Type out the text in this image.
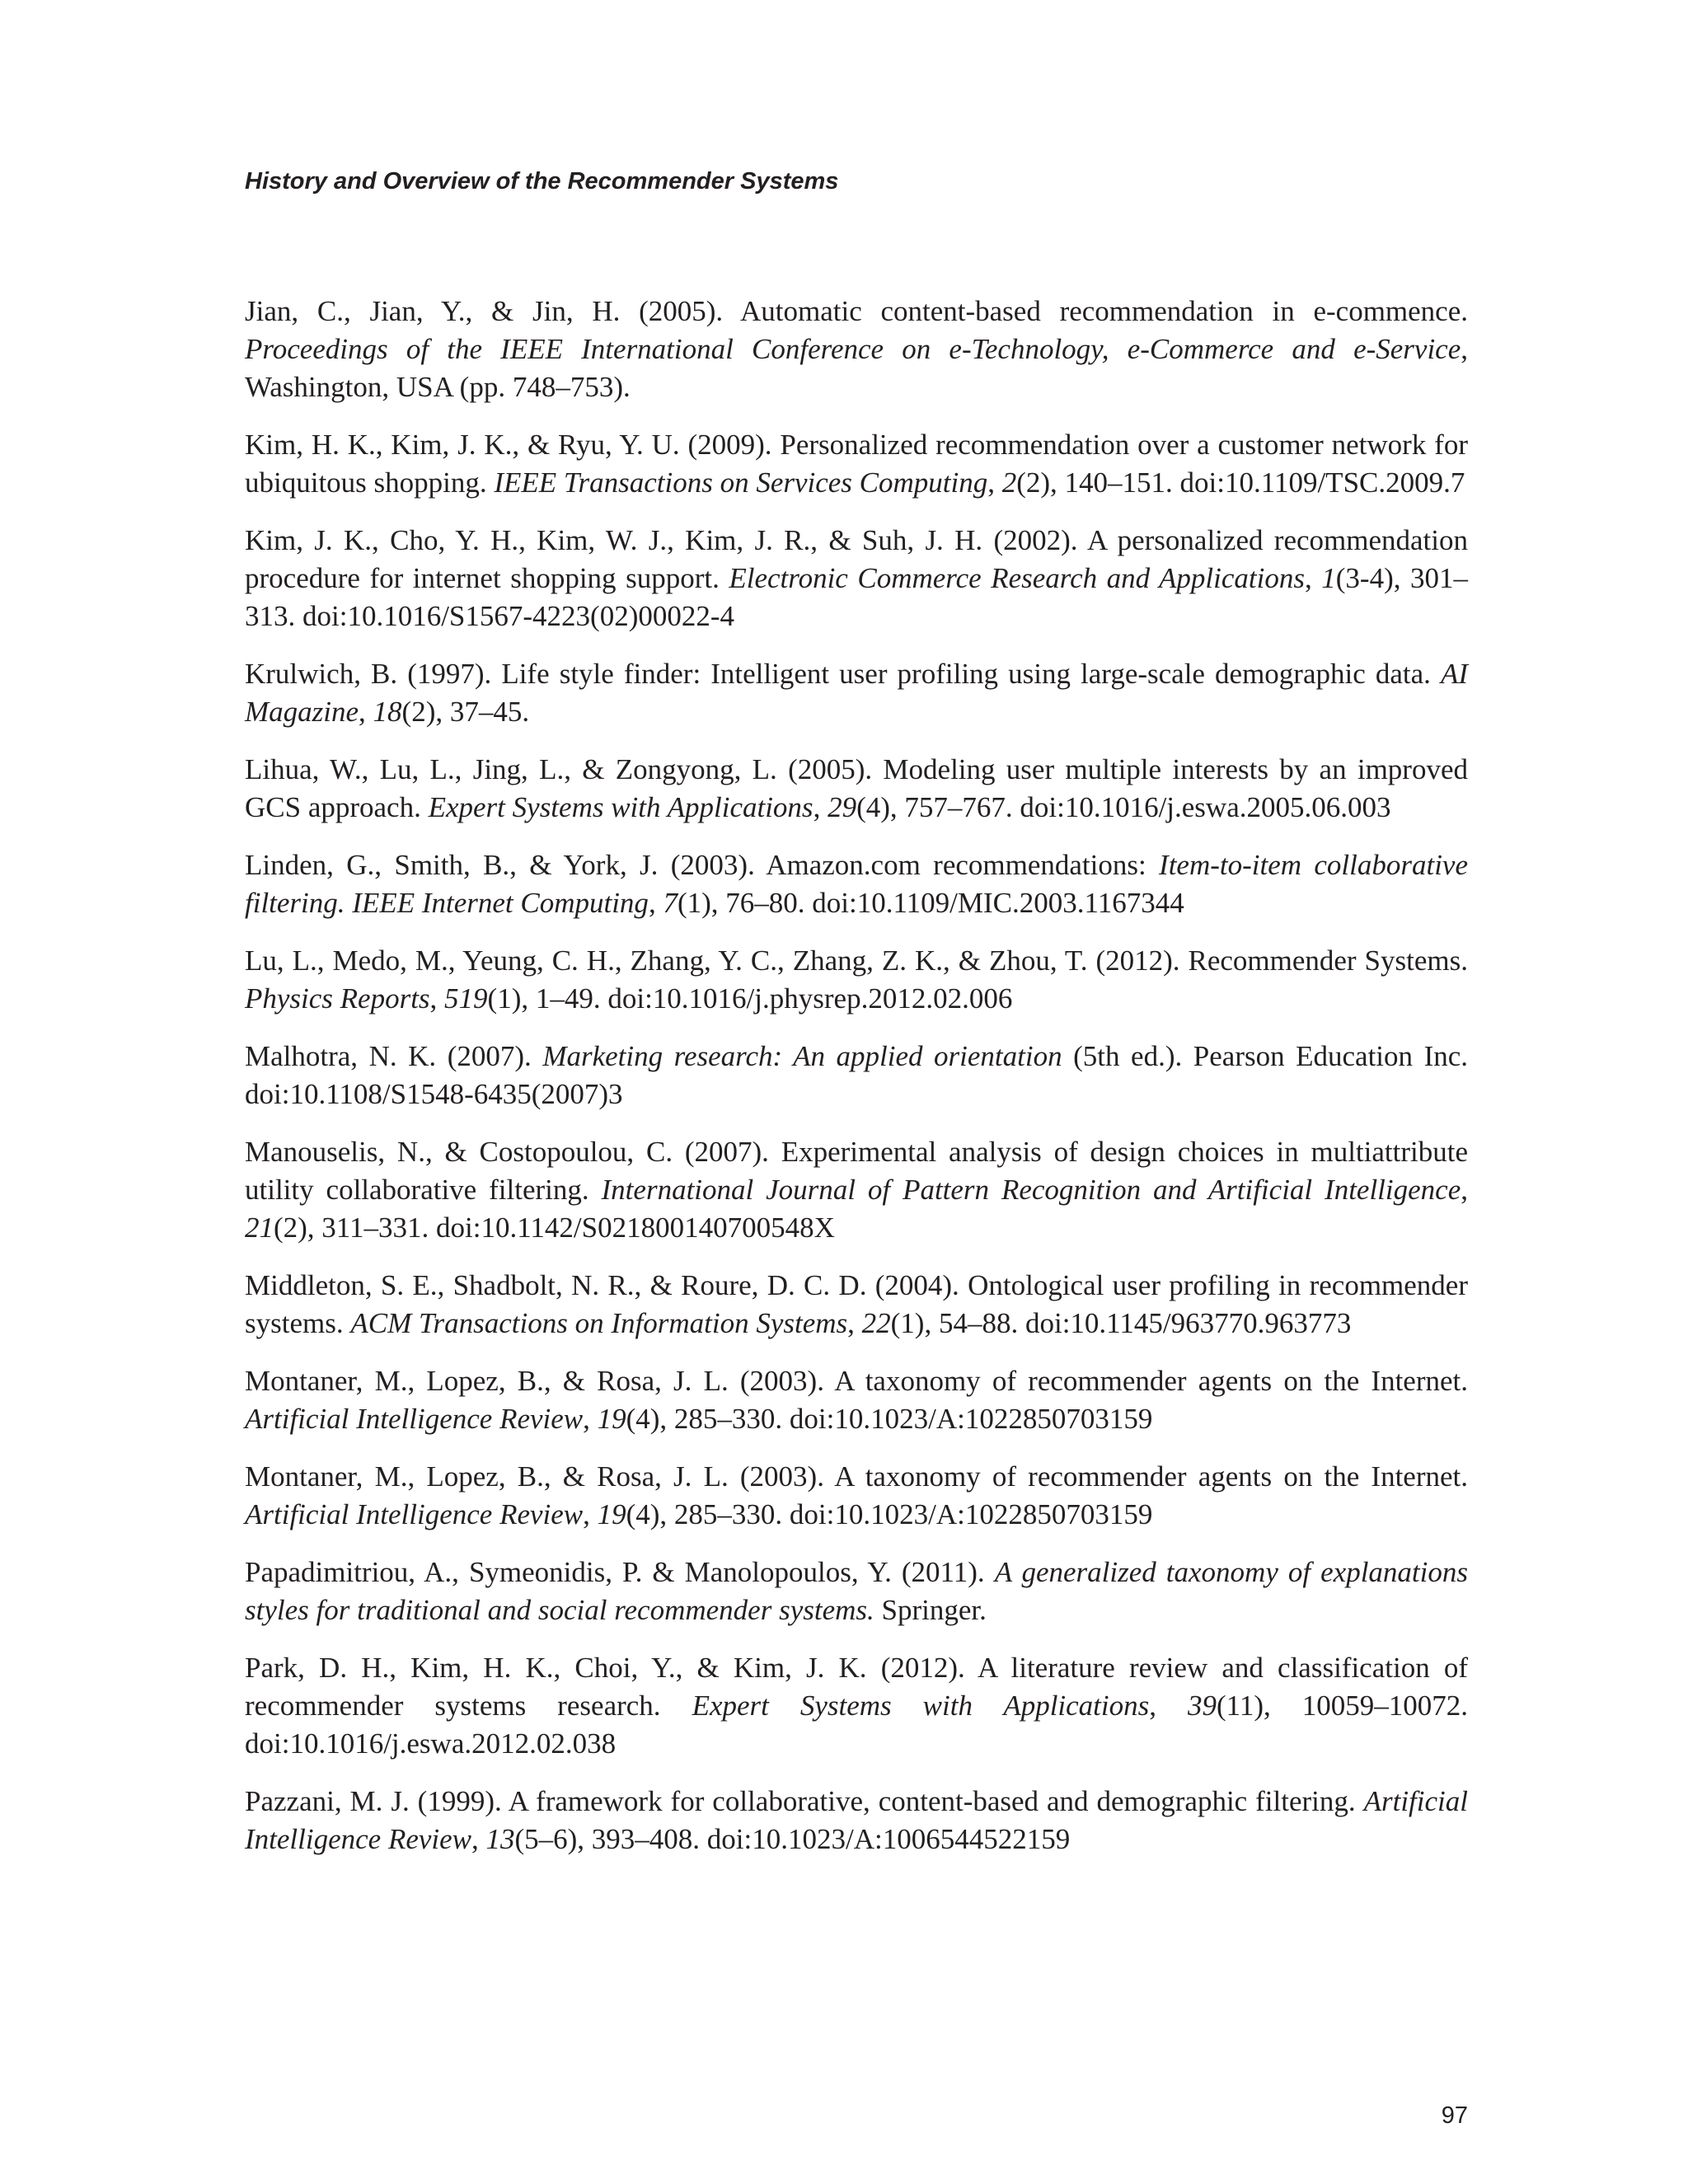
History and Overview of the Recommender Systems

Jian, C., Jian, Y., & Jin, H. (2005). Automatic content-based recommendation in e-commence. Proceedings of the IEEE International Conference on e-Technology, e-Commerce and e-Service, Washington, USA (pp. 748–753).

Kim, H. K., Kim, J. K., & Ryu, Y. U. (2009). Personalized recommendation over a customer network for ubiquitous shopping. IEEE Transactions on Services Computing, 2(2), 140–151. doi:10.1109/TSC.2009.7

Kim, J. K., Cho, Y. H., Kim, W. J., Kim, J. R., & Suh, J. H. (2002). A personalized recommendation procedure for internet shopping support. Electronic Commerce Research and Applications, 1(3-4), 301–313. doi:10.1016/S1567-4223(02)00022-4

Krulwich, B. (1997). Life style finder: Intelligent user profiling using large-scale demographic data. AI Magazine, 18(2), 37–45.

Lihua, W., Lu, L., Jing, L., & Zongyong, L. (2005). Modeling user multiple interests by an improved GCS approach. Expert Systems with Applications, 29(4), 757–767. doi:10.1016/j.eswa.2005.06.003

Linden, G., Smith, B., & York, J. (2003). Amazon.com recommendations: Item-to-item collaborative filtering. IEEE Internet Computing, 7(1), 76–80. doi:10.1109/MIC.2003.1167344

Lu, L., Medo, M., Yeung, C. H., Zhang, Y. C., Zhang, Z. K., & Zhou, T. (2012). Recommender Systems. Physics Reports, 519(1), 1–49. doi:10.1016/j.physrep.2012.02.006

Malhotra, N. K. (2007). Marketing research: An applied orientation (5th ed.). Pearson Education Inc. doi:10.1108/S1548-6435(2007)3

Manouselis, N., & Costopoulou, C. (2007). Experimental analysis of design choices in multiattribute utility collaborative filtering. International Journal of Pattern Recognition and Artificial Intelligence, 21(2), 311–331. doi:10.1142/S021800140700548X

Middleton, S. E., Shadbolt, N. R., & Roure, D. C. D. (2004). Ontological user profiling in recommender systems. ACM Transactions on Information Systems, 22(1), 54–88. doi:10.1145/963770.963773

Montaner, M., Lopez, B., & Rosa, J. L. (2003). A taxonomy of recommender agents on the Internet. Artificial Intelligence Review, 19(4), 285–330. doi:10.1023/A:1022850703159

Montaner, M., Lopez, B., & Rosa, J. L. (2003). A taxonomy of recommender agents on the Internet. Artificial Intelligence Review, 19(4), 285–330. doi:10.1023/A:1022850703159

Papadimitriou, A., Symeonidis, P. & Manolopoulos, Y. (2011). A generalized taxonomy of explanations styles for traditional and social recommender systems. Springer.

Park, D. H., Kim, H. K., Choi, Y., & Kim, J. K. (2012). A literature review and classification of recommender systems research. Expert Systems with Applications, 39(11), 10059–10072. doi:10.1016/j.eswa.2012.02.038

Pazzani, M. J. (1999). A framework for collaborative, content-based and demographic filtering. Artificial Intelligence Review, 13(5–6), 393–408. doi:10.1023/A:1006544522159

97
